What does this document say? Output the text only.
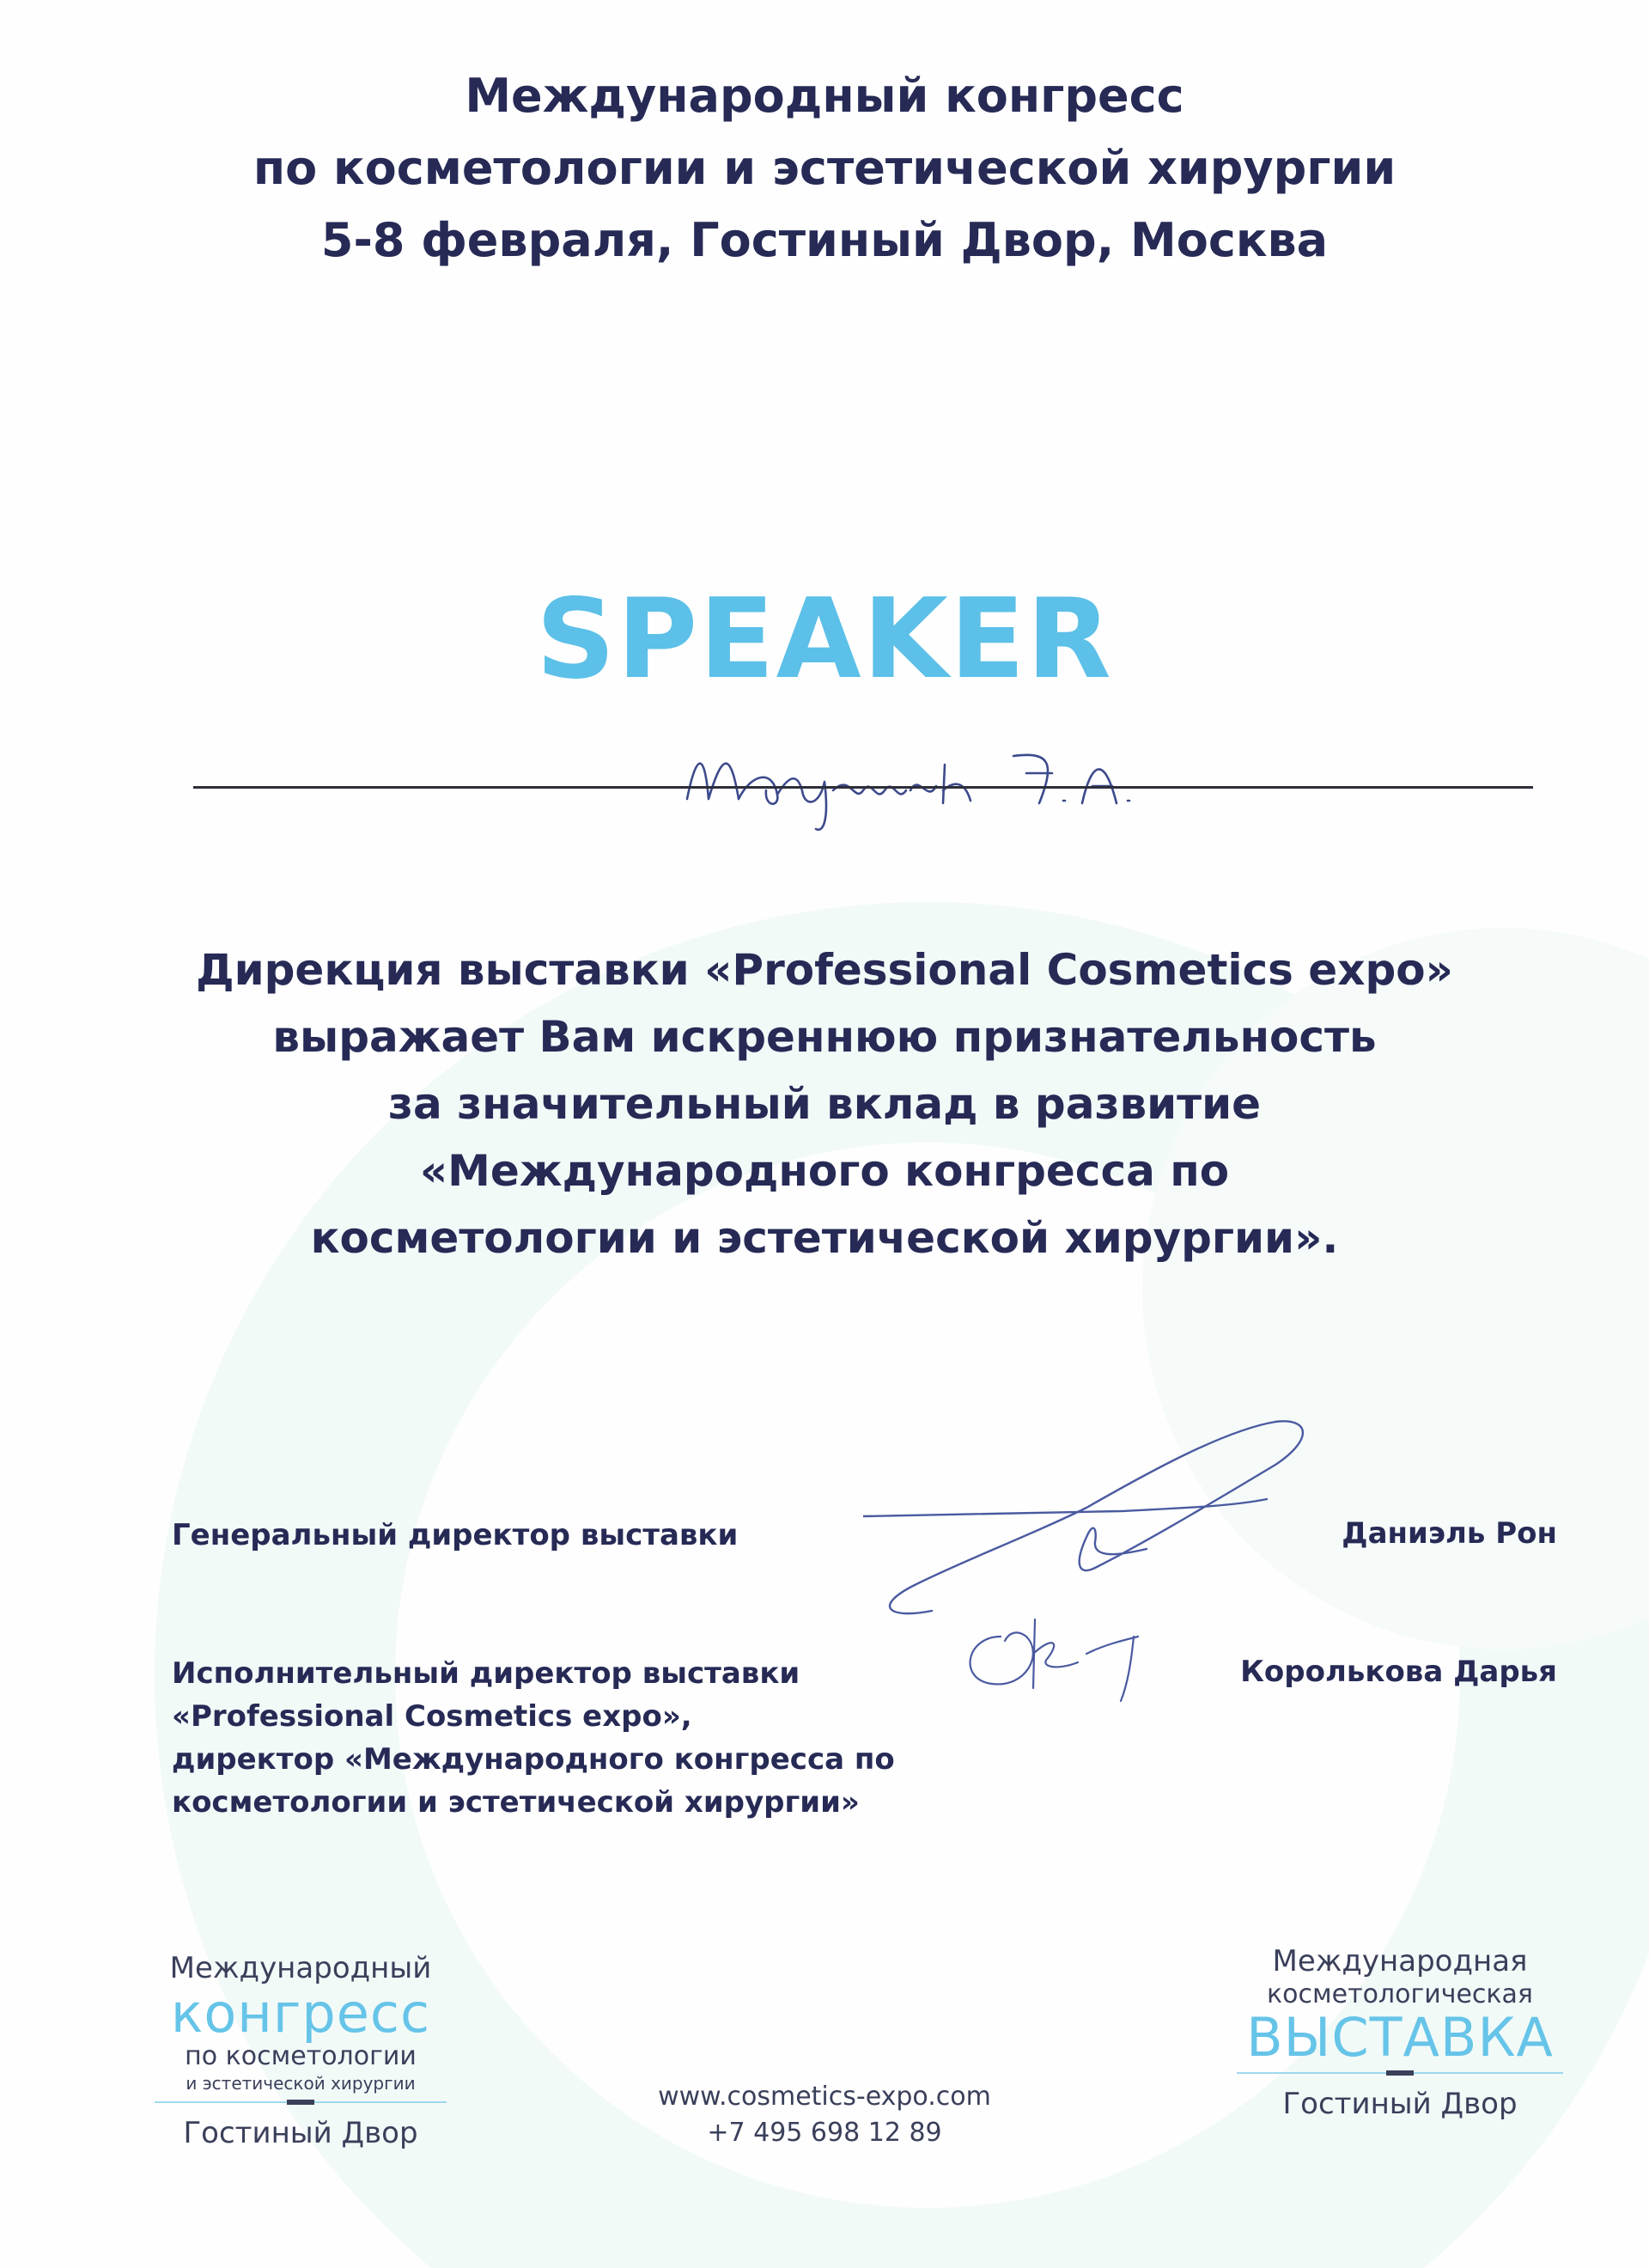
Международный конгресс
по косметологии и эстетической хирургии
5-8 февраля, Гостиный Двор, Москва
SPEAKER
Дирекция выставки «Professional Cosmetics expo»
выражает Вам искреннюю признательность
за значительный вклад в развитие
«Международного конгресса по
косметологии и эстетической хирургии».
Генеральный директор выставки	Даниэль Рон
Исполнительный директор выставки
«Professional Cosmetics expo»,
директор «Международного конгресса по
косметологии и эстетической хирургии»
Королькова Дарья
Международный
конгресс
по косметологии
и эстетической хирургии
Гостиный Двор
www.cosmetics-expo.com
+7 495 698 12 89
Международная
косметологическая
ВЫСТАВКА
Гостиный Двор
